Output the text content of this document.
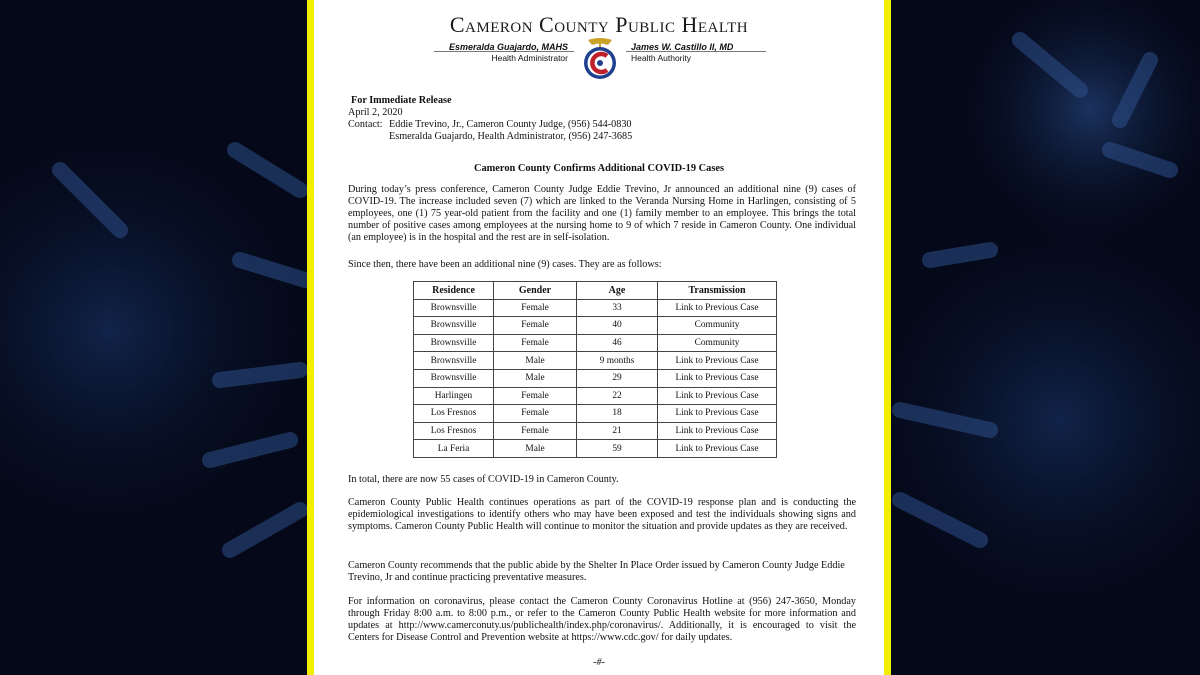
Cameron County Public Health
Esmeralda Guajardo, MAHS
Health Administrator
James W. Castillo II, MD
Health Authority
For Immediate Release
April 2, 2020
Contact: Eddie Trevino, Jr., Cameron County Judge, (956) 544-0830
Esmeralda Guajardo, Health Administrator, (956) 247-3685
Cameron County Confirms Additional COVID-19 Cases
During today’s press conference, Cameron County Judge Eddie Trevino, Jr announced an additional nine (9) cases of COVID-19. The increase included seven (7) which are linked to the Veranda Nursing Home in Harlingen, consisting of 5 employees, one (1) 75 year-old patient from the facility and one (1) family member to an employee. This brings the total number of positive cases among employees at the nursing home to 9 of which 7 reside in Cameron County. One individual (an employee) is in the hospital and the rest are in self-isolation.
Since then, there have been an additional nine (9) cases. They are as follows:
Residence	Gender	Age	Transmission
Brownsville	Female	33	Link to Previous Case
Brownsville	Female	40	Community
Brownsville	Female	46	Community
Brownsville	Male	9 months	Link to Previous Case
Brownsville	Male	29	Link to Previous Case
Harlingen	Female	22	Link to Previous Case
Los Fresnos	Female	18	Link to Previous Case
Los Fresnos	Female	21	Link to Previous Case
La Feria	Male	59	Link to Previous Case
In total, there are now 55 cases of COVID-19 in Cameron County.
Cameron County Public Health continues operations as part of the COVID-19 response plan and is conducting the epidemiological investigations to identify others who may have been exposed and test the individuals showing signs and symptoms. Cameron County Public Health will continue to monitor the situation and provide updates as they are received.
Cameron County recommends that the public abide by the Shelter In Place Order issued by Cameron County Judge Eddie Trevino, Jr and continue practicing preventative measures.
For information on coronavirus, please contact the Cameron County Coronavirus Hotline at (956) 247-3650, Monday through Friday 8:00 a.m. to 8:00 p.m., or refer to the Cameron County Public Health website for more information and updates at http://www.camerconuty.us/publichealth/index.php/coronavirus/. Additionally, it is encouraged to visit the Centers for Disease Control and Prevention website at https://www.cdc.gov/ for daily updates.
-#-
